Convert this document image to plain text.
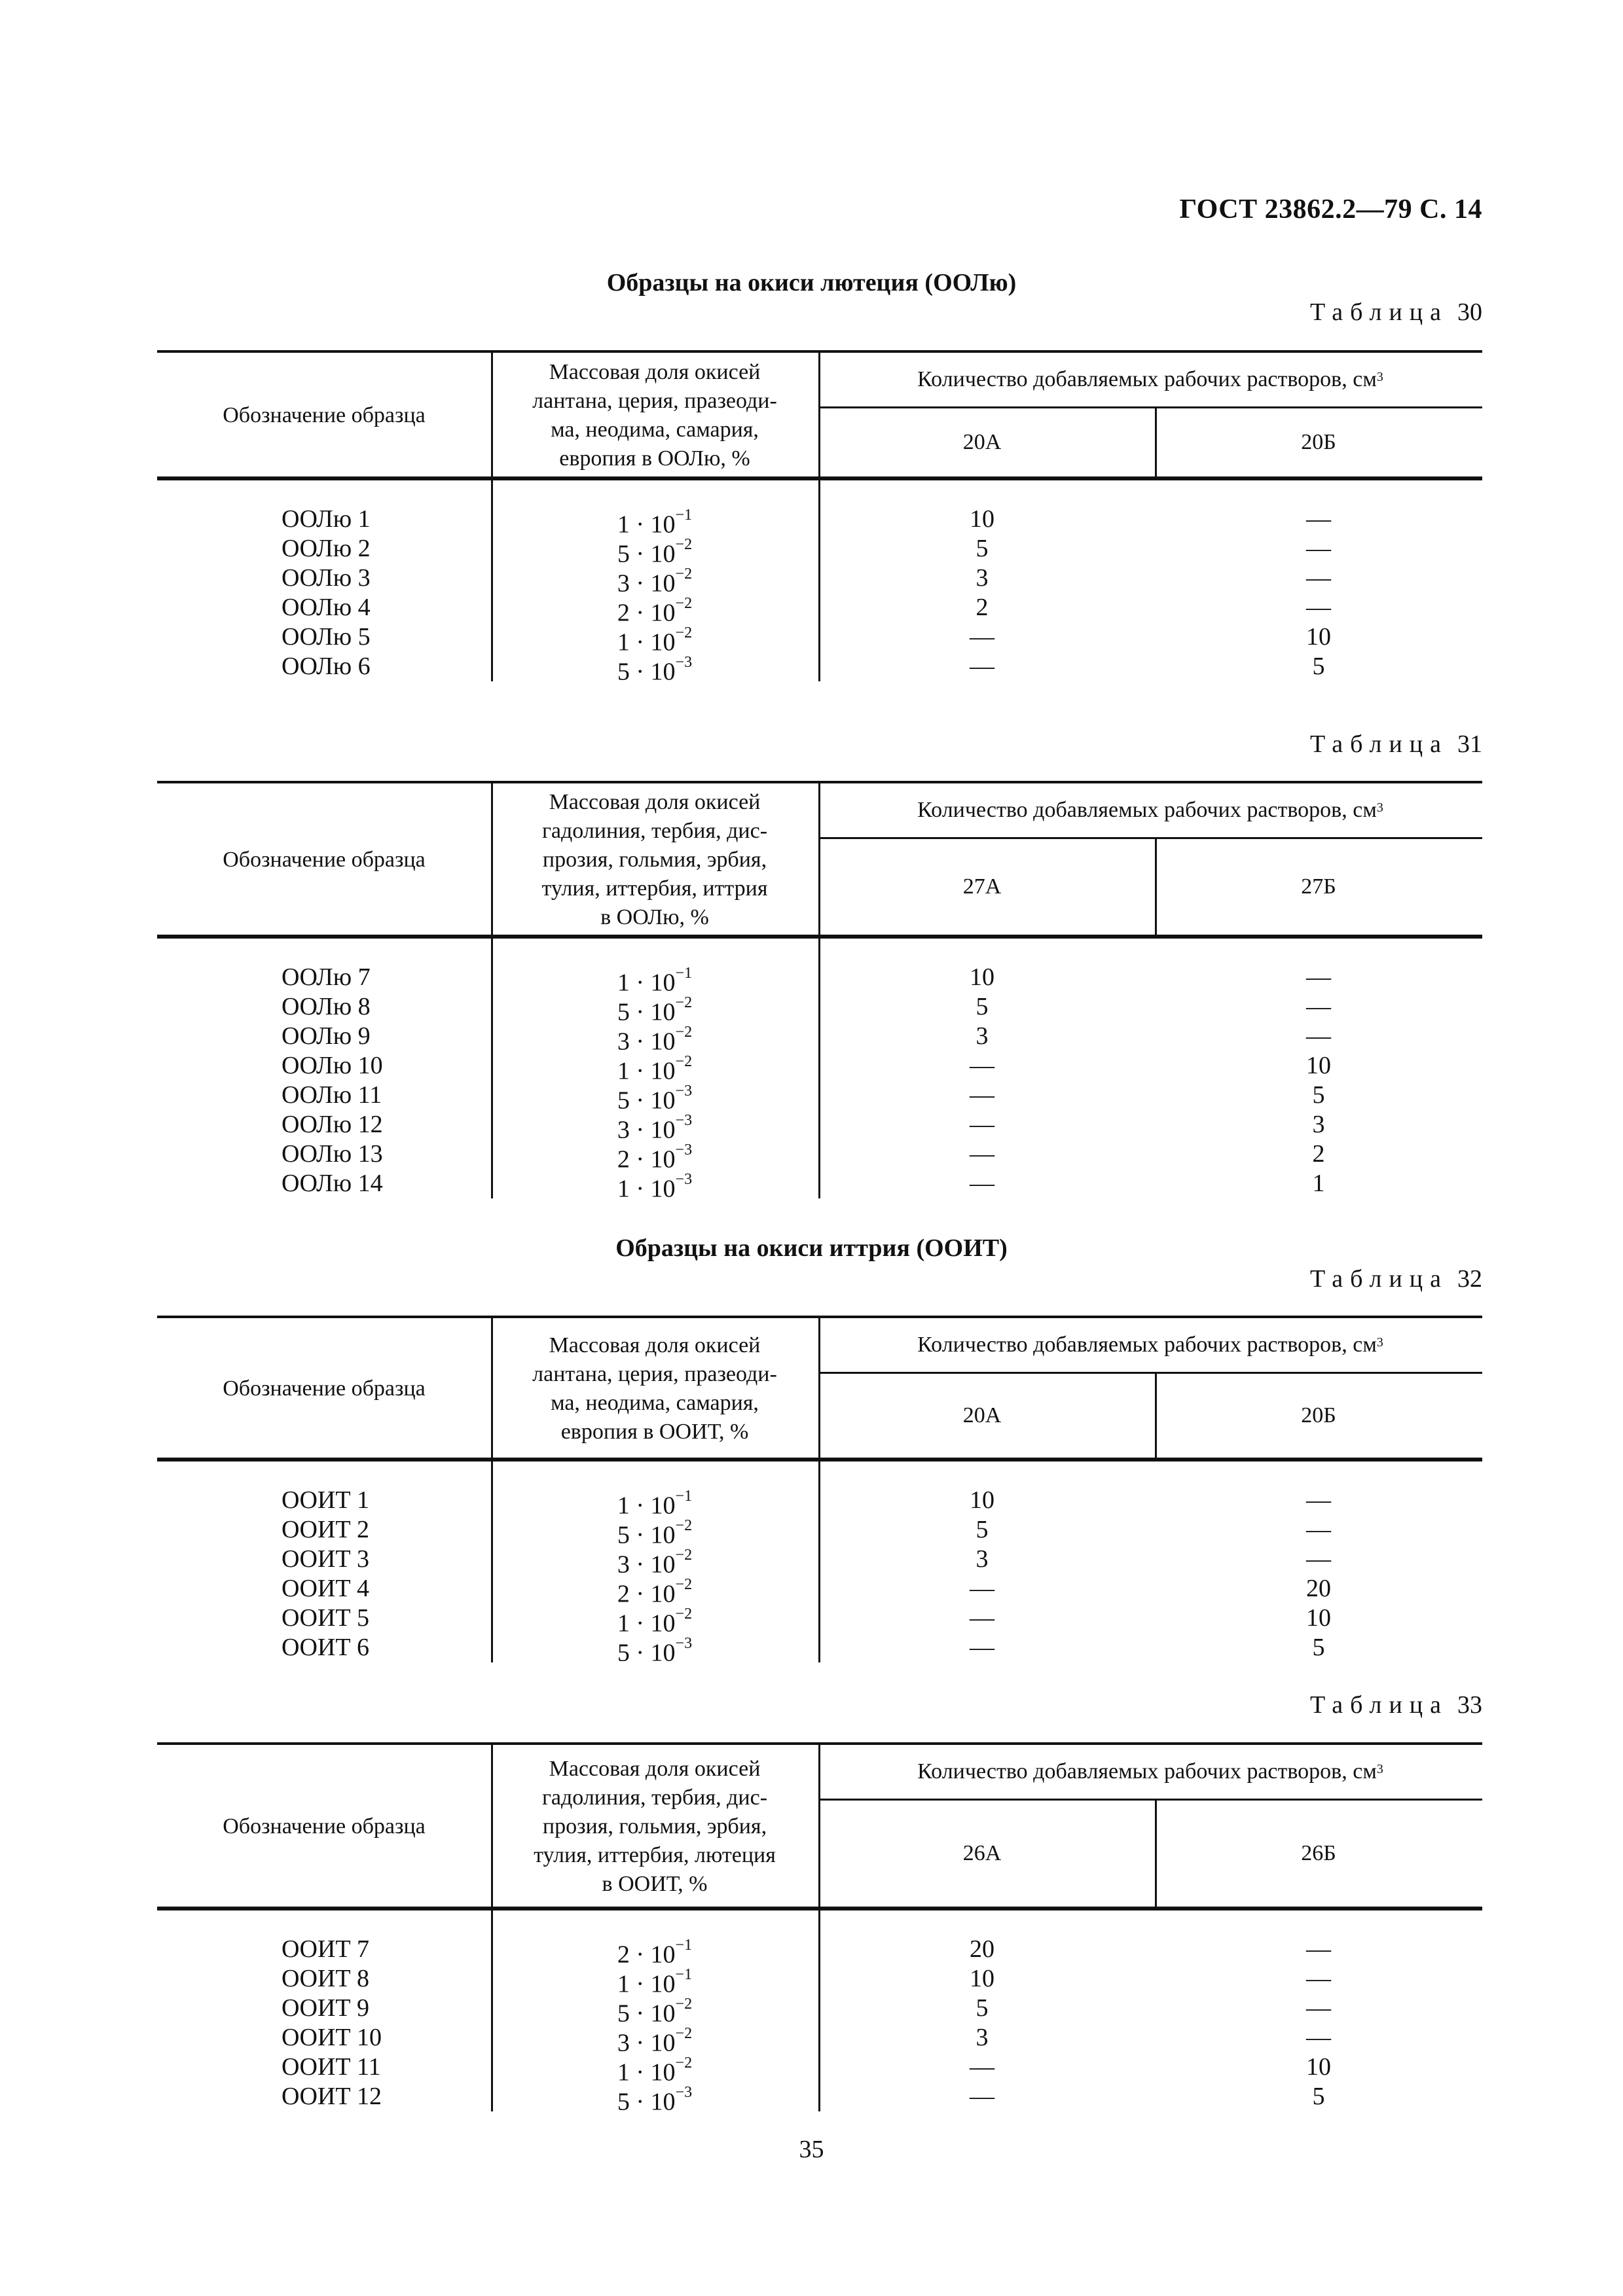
ГОСТ 23862.2—79 С. 14
Образцы на окиси лютеция (ООЛю)
Образцы на окиси иттрия (ООИТ)
Таблица 30
Обозначение образца
Массовая доля окисей
лантана, церия, празеоди-
ма, неодима, самария,
европия в ООЛю, %
Количество добавляемых рабочих растворов, $см^3$
20А	20Б
ООЛю 1	$1 \cdot 10^{-1}$	10	—
ООЛю 2	$5 \cdot 10^{-2}$	5	—
ООЛю 3	$3 \cdot 10^{-2}$	3	—
ООЛю 4	$2 \cdot 10^{-2}$	2	—
ООЛю 5	$1 \cdot 10^{-2}$	—	10
ООЛю 6	$5 \cdot 10^{-3}$	—	5
Таблица 31
Обозначение образца
Массовая доля окисей
гадолиния, тербия, дис-
прозия, гольмия, эрбия,
тулия, иттербия, иттрия
в ООЛю, %
Количество добавляемых рабочих растворов, $см^3$
27А	27Б
ООЛю 7	$1 \cdot 10^{-1}$	10	—
ООЛю 8	$5 \cdot 10^{-2}$	5	—
ООЛю 9	$3 \cdot 10^{-2}$	3	—
ООЛю 10	$1 \cdot 10^{-2}$	—	10
ООЛю 11	$5 \cdot 10^{-3}$	—	5
ООЛю 12	$3 \cdot 10^{-3}$	—	3
ООЛю 13	$2 \cdot 10^{-3}$	—	2
ООЛю 14	$1 \cdot 10^{-3}$	—	1
Таблица 32
Обозначение образца
Массовая доля окисей
лантана, церия, празеоди-
ма, неодима, самария,
европия в ООИТ, %
Количество добавляемых рабочих растворов, $см^3$
20А	20Б
ООИТ 1	$1 \cdot 10^{-1}$	10	—
ООИТ 2	$5 \cdot 10^{-2}$	5	—
ООИТ 3	$3 \cdot 10^{-2}$	3	—
ООИТ 4	$2 \cdot 10^{-2}$	—	20
ООИТ 5	$1 \cdot 10^{-2}$	—	10
ООИТ 6	$5 \cdot 10^{-3}$	—	5
Таблица 33
Обозначение образца
Массовая доля окисей
гадолиния, тербия, дис-
прозия, гольмия, эрбия,
тулия, иттербия, лютеция
в ООИТ, %
Количество добавляемых рабочих растворов, $см^3$
26А	26Б
ООИТ 7	$2 \cdot 10^{-1}$	20	—
ООИТ 8	$1 \cdot 10^{-1}$	10	—
ООИТ 9	$5 \cdot 10^{-2}$	5	—
ООИТ 10	$3 \cdot 10^{-2}$	3	—
ООИТ 11	$1 \cdot 10^{-2}$	—	10
ООИТ 12	$5 \cdot 10^{-3}$	—	5
35
